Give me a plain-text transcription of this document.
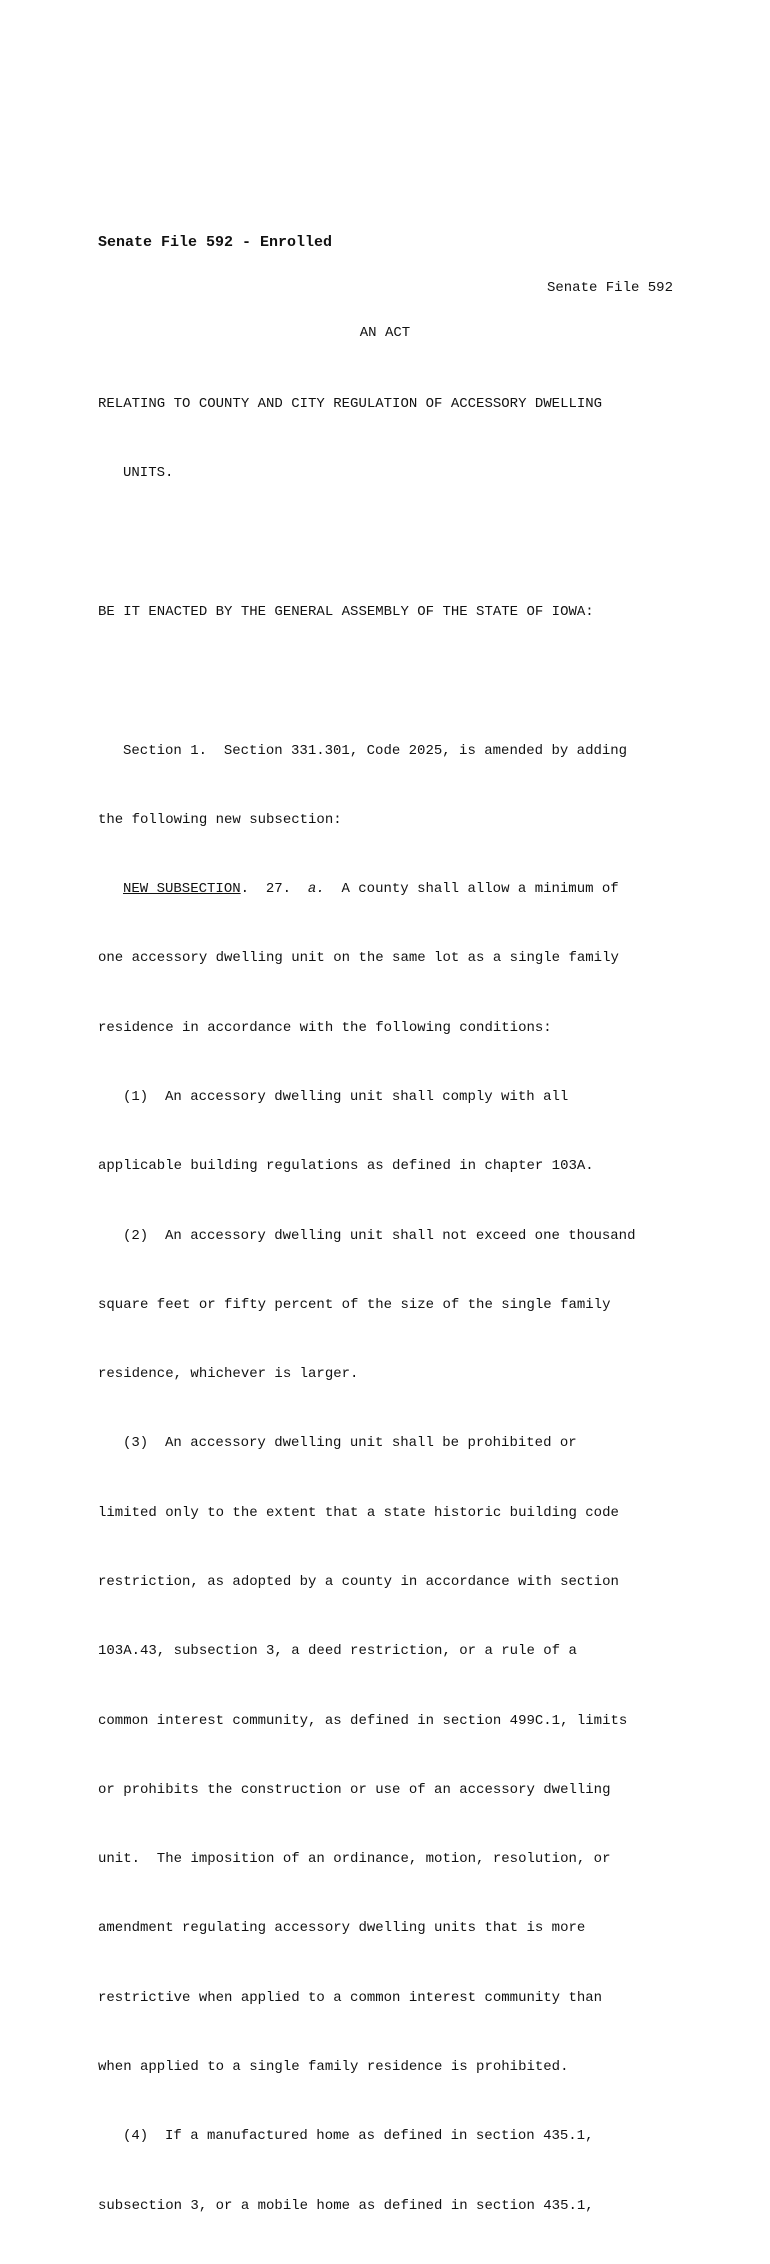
Senate File 592 - Enrolled
Senate File 592
AN ACT

RELATING TO COUNTY AND CITY REGULATION OF ACCESSORY DWELLING

UNITS.

BE IT ENACTED BY THE GENERAL ASSEMBLY OF THE STATE OF IOWA:

Section 1.  Section 331.301, Code 2025, is amended by adding

the following new subsection:

NEW SUBSECTION.  27.  a.  A county shall allow a minimum of

one accessory dwelling unit on the same lot as a single family

residence in accordance with the following conditions:

(1)  An accessory dwelling unit shall comply with all

applicable building regulations as defined in chapter 103A.

(2)  An accessory dwelling unit shall not exceed one thousand

square feet or fifty percent of the size of the single family

residence, whichever is larger.

(3)  An accessory dwelling unit shall be prohibited or

limited only to the extent that a state historic building code

restriction, as adopted by a county in accordance with section

103A.43, subsection 3, a deed restriction, or a rule of a

common interest community, as defined in section 499C.1, limits

or prohibits the construction or use of an accessory dwelling

unit.  The imposition of an ordinance, motion, resolution, or

amendment regulating accessory dwelling units that is more

restrictive when applied to a common interest community than

when applied to a single family residence is prohibited.

(4)  If a manufactured home as defined in section 435.1,

subsection 3, or a mobile home as defined in section 435.1,
